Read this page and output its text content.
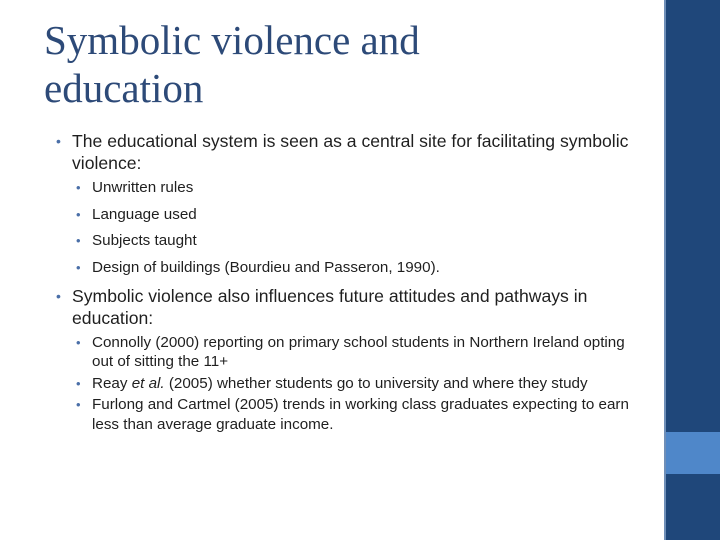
Symbolic violence and
education
• The educational system is seen as a central site for facilitating symbolic violence:
• Unwritten rules
• Language used
• Subjects taught
• Design of buildings (Bourdieu and Passeron, 1990).
• Symbolic violence also influences future attitudes and pathways in education:
• Connolly (2000) reporting on primary school students in Northern Ireland opting out of sitting the 11+
• Reay et al. (2005) whether students go to university and where they study
• Furlong and Cartmel (2005) trends in working class graduates expecting to earn less than average graduate income.
